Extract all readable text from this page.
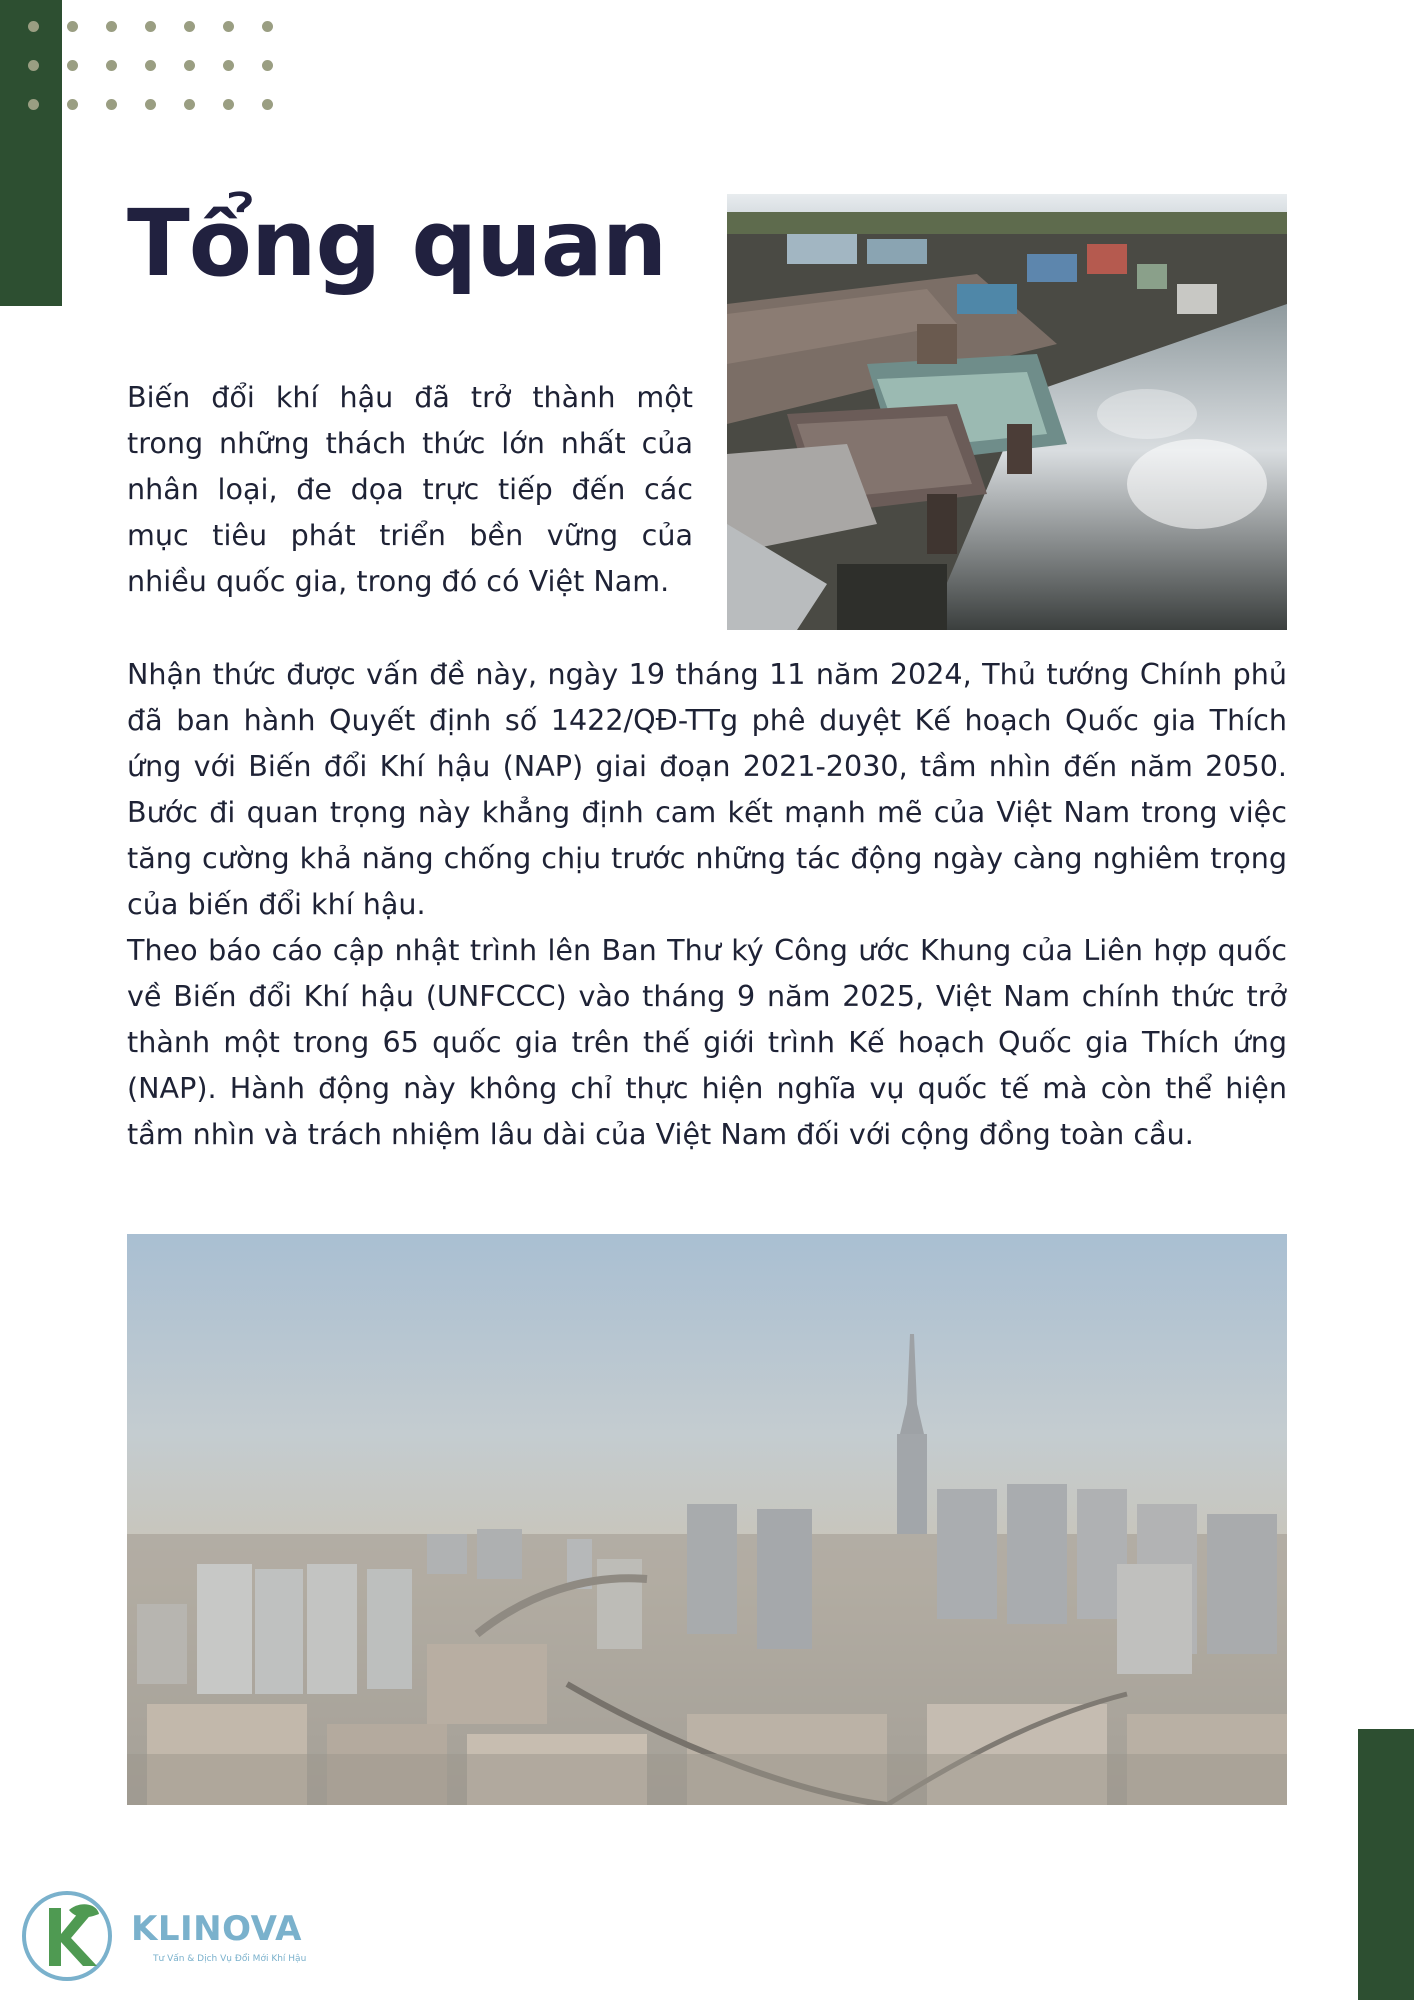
Tổng quan

Biến đổi khí hậu đã trở thành một trong những thách thức lớn nhất của nhân loại, đe dọa trực tiếp đến các mục tiêu phát triển bền vững của nhiều quốc gia, trong đó có Việt Nam.

Nhận thức được vấn đề này, ngày 19 tháng 11 năm 2024, Thủ tướng Chính phủ đã ban hành Quyết định số 1422/QĐ-TTg phê duyệt Kế hoạch Quốc gia Thích ứng với Biến đổi Khí hậu (NAP) giai đoạn 2021-2030, tầm nhìn đến năm 2050. Bước đi quan trọng này khẳng định cam kết mạnh mẽ của Việt Nam trong việc tăng cường khả năng chống chịu trước những tác động ngày càng nghiêm trọng của biến đổi khí hậu.

Theo báo cáo cập nhật trình lên Ban Thư ký Công ước Khung của Liên hợp quốc về Biến đổi Khí hậu (UNFCCC) vào tháng 9 năm 2025, Việt Nam chính thức trở thành một trong 65 quốc gia trên thế giới trình Kế hoạch Quốc gia Thích ứng (NAP). Hành động này không chỉ thực hiện nghĩa vụ quốc tế mà còn thể hiện tầm nhìn và trách nhiệm lâu dài của Việt Nam đối với cộng đồng toàn cầu.

KLINOVA
Tư Vấn & Dịch Vụ Đổi Mới Khí Hậu
